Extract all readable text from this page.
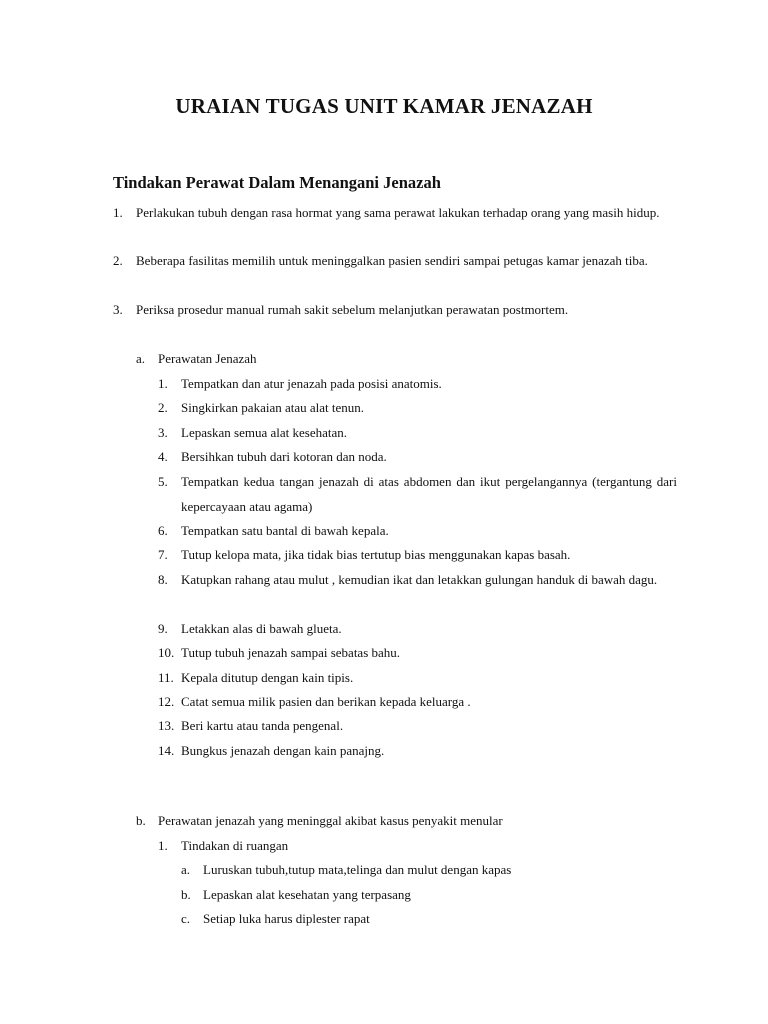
URAIAN TUGAS UNIT KAMAR JENAZAH
Tindakan Perawat Dalam Menangani Jenazah
1. Perlakukan tubuh dengan rasa hormat yang sama perawat lakukan terhadap orang yang masih hidup.
2. Beberapa fasilitas memilih untuk meninggalkan pasien sendiri sampai petugas kamar jenazah tiba.
3. Periksa prosedur manual rumah sakit sebelum melanjutkan perawatan postmortem.
a. Perawatan Jenazah
1. Tempatkan dan atur jenazah pada posisi anatomis.
2. Singkirkan pakaian atau alat tenun.
3. Lepaskan semua alat kesehatan.
4. Bersihkan tubuh dari kotoran dan noda.
5. Tempatkan kedua tangan jenazah di atas abdomen dan ikut pergelangannya (tergantung dari kepercayaan atau agama)
6. Tempatkan satu bantal di bawah kepala.
7. Tutup kelopa mata, jika tidak bias tertutup bias menggunakan kapas basah.
8. Katupkan rahang atau mulut , kemudian ikat dan letakkan gulungan handuk di bawah dagu.
9. Letakkan alas di bawah glueta.
10. Tutup tubuh jenazah sampai sebatas bahu.
11. Kepala ditutup dengan kain tipis.
12. Catat semua milik pasien dan berikan kepada keluarga .
13. Beri kartu atau tanda pengenal.
14. Bungkus jenazah dengan kain panajng.
b. Perawatan jenazah yang meninggal akibat kasus penyakit menular
1. Tindakan di ruangan
a. Luruskan tubuh,tutup mata,telinga dan mulut dengan kapas
b. Lepaskan alat kesehatan yang terpasang
c. Setiap luka harus diplester rapat
